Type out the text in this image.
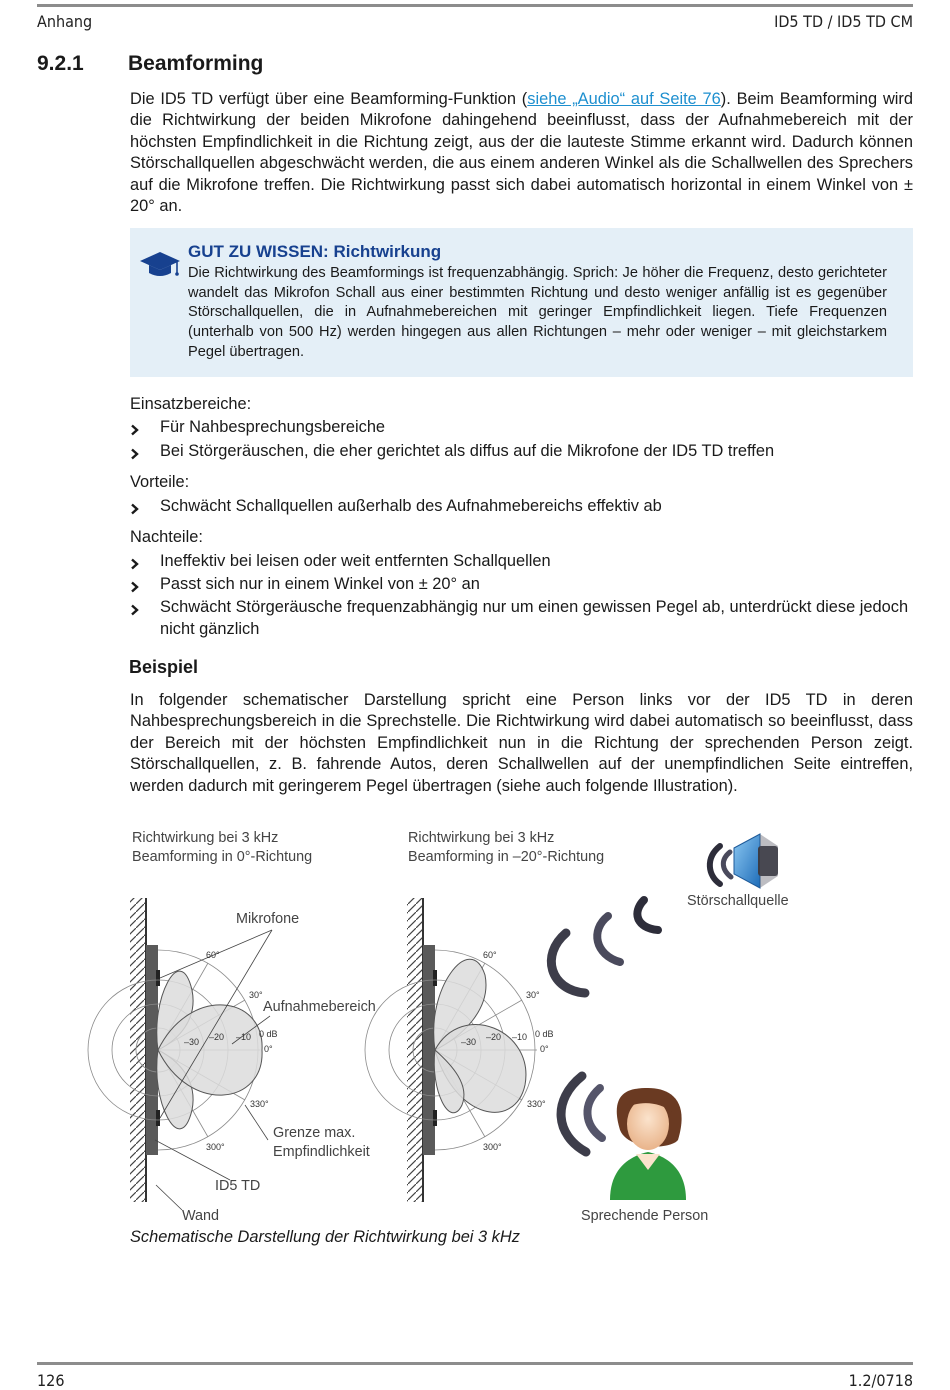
Anhang	ID5 TD / ID5 TD CM
9.2.1 Beamforming

Die ID5 TD verfügt über eine Beamforming-Funktion (siehe „Audio“ auf Seite 76). Beim Beamforming wird die Richtwirkung der beiden Mikrofone dahingehend beeinflusst, dass der Aufnahmebereich mit der höchsten Empfindlichkeit in die Richtung zeigt, aus der die lauteste Stimme erkannt wird. Dadurch können Störschallquellen abgeschwächt werden, die aus einem anderen Winkel als die Schallwellen des Sprechers auf die Mikrofone treffen. Die Richtwirkung passt sich dabei automatisch horizontal in einem Winkel von ± 20° an.

GUT ZU WISSEN: Richtwirkung

Die Richtwirkung des Beamformings ist frequenzabhängig. Sprich: Je höher die Frequenz, desto gerichteter wandelt das Mikrofon Schall aus einer bestimmten Richtung und desto weniger anfällig ist es gegenüber Störschallquellen, die in Aufnahmebereichen mit geringer Empfindlichkeit liegen. Tiefe Frequenzen (unterhalb von 500 Hz) werden hingegen aus allen Richtungen – mehr oder weniger – mit gleichstarkem Pegel übertragen.

Einsatzbereiche:
Für Nahbesprechungsbereiche
Bei Störgeräuschen, die eher gerichtet als diffus auf die Mikrofone der ID5 TD treffen
Vorteile:
Schwächt Schallquellen außerhalb des Aufnahmebereichs effektiv ab
Nachteile:
Ineffektiv bei leisen oder weit entfernten Schallquellen
Passt sich nur in einem Winkel von ± 20° an
Schwächt Störgeräusche frequenzabhängig nur um einen gewissen Pegel ab, unterdrückt diese jedoch nicht gänzlich
Beispiel

In folgender schematischer Darstellung spricht eine Person links vor der ID5 TD in deren Nahbesprechungsbereich in die Sprechstelle. Die Richtwirkung wird dabei automatisch so beeinflusst, dass der Bereich mit der höchsten Empfindlichkeit nun in die Richtung der sprechenden Person zeigt. Störschallquellen, z. B. fahrende Autos, deren Schallwellen auf der unempfindlichen Seite eintreffen, werden dadurch mit geringerem Pegel übertragen (siehe auch folgende Illustration).

Richtwirkung bei 3 kHz
Beamforming in 0°-Richtung
Richtwirkung bei 3 kHz
Beamforming in –20°-Richtung
Mikrofone
Aufnahmebereich
Grenze max.
Empfindlichkeit
ID5 TD
Wand
Störschallquelle
Sprechende Person
60°
30°
0 dB
0°
–10
–20
–30
330°
300°
60°
30°
0 dB
0°
–10
–20
–30
330°
300°
Schematische Darstellung der Richtwirkung bei 3 kHz
126	1.2/0718
